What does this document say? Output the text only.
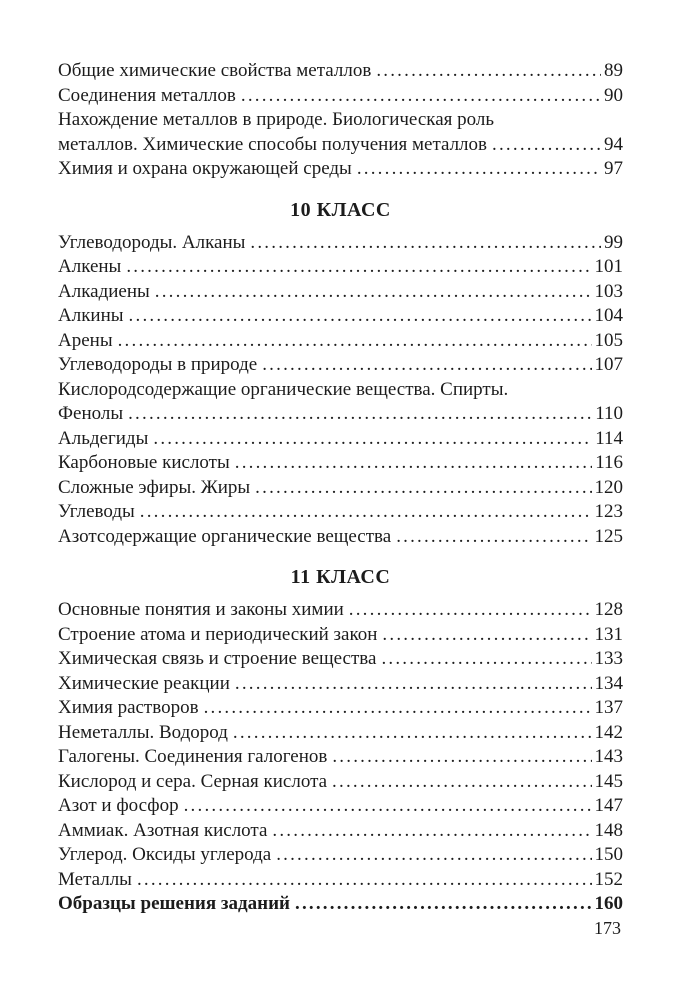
Общие химические свойства металлов .....	89
Соединения металлов .....	90
Нахождение металлов в природе. Биологическая роль
металлов. Химические способы получения металлов .....	94
Химия и охрана окружающей среды .....	97
10 КЛАСС
Углеводороды. Алканы .....	99
Алкены .....	101
Алкадиены .....	103
Алкины .....	104
Арены .....	105
Углеводороды в природе .....	107
Кислородсодержащие органические вещества. Спирты.
Фенолы .....	110
Альдегиды .....	114
Карбоновые кислоты .....	116
Сложные эфиры. Жиры .....	120
Углеводы .....	123
Азотсодержащие органические вещества .....	125
11 КЛАСС
Основные понятия и законы химии .....	128
Строение атома и периодический закон .....	131
Химическая связь и строение вещества .....	133
Химические реакции .....	134
Химия растворов .....	137
Неметаллы. Водород .....	142
Галогены. Соединения галогенов .....	143
Кислород и сера. Серная кислота .....	145
Азот и фосфор .....	147
Аммиак. Азотная кислота .....	148
Углерод. Оксиды углерода .....	150
Металлы .....	152
Образцы решения заданий .....	160
173
